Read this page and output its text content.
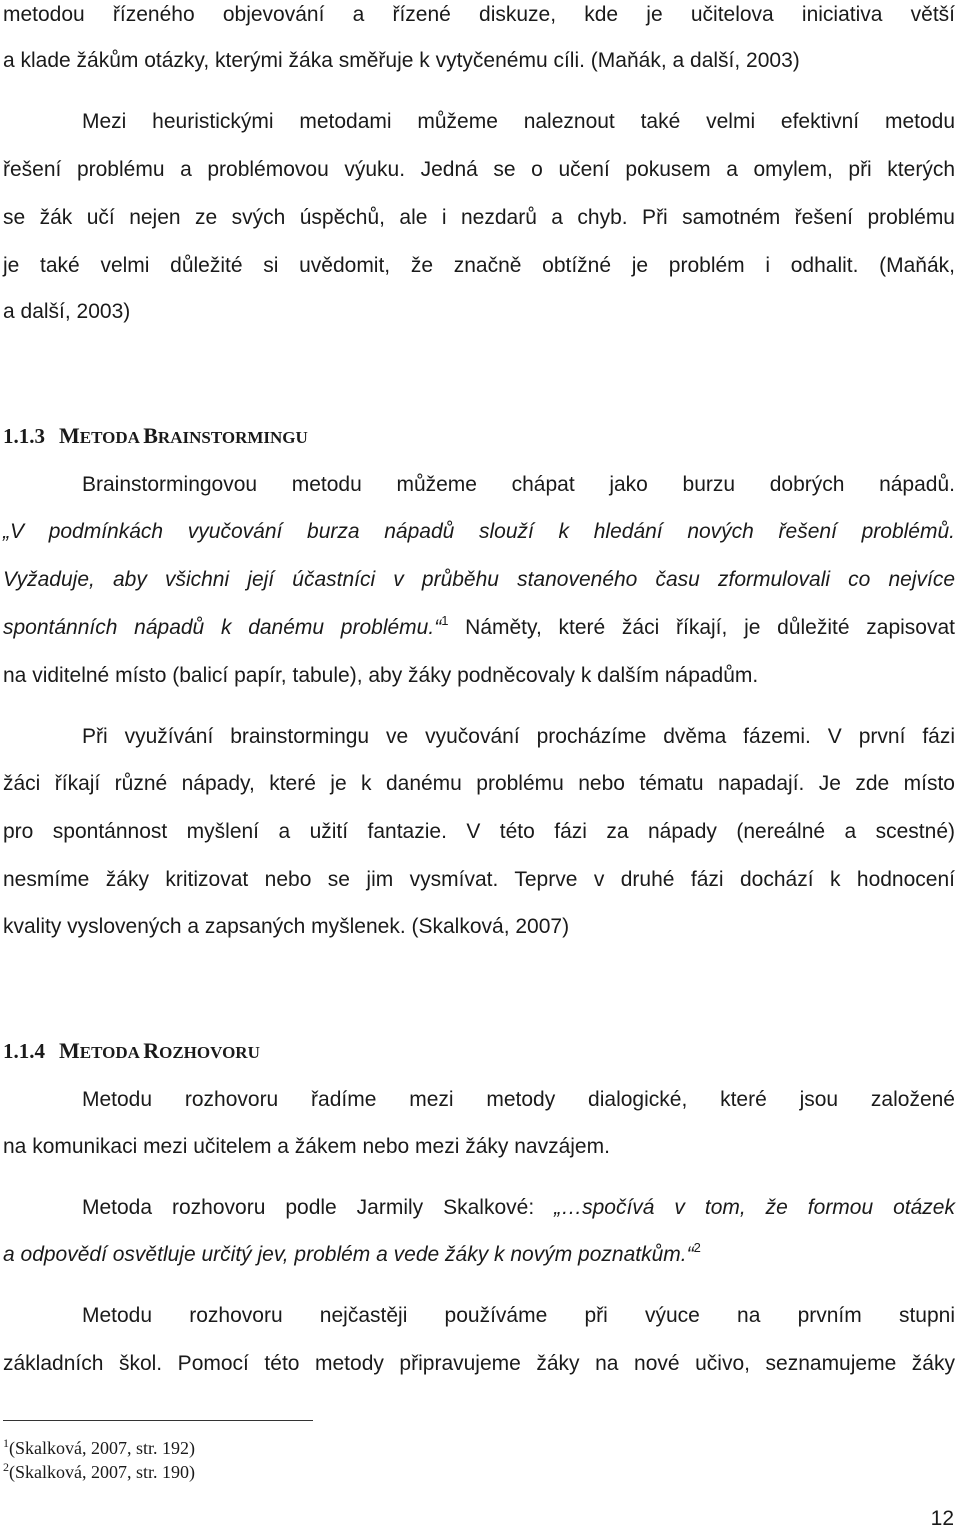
metodou řízeného objevování a řízené diskuze, kde je učitelova iniciativa větší

a klade žákům otázky, kterými žáka směřuje k vytyčenému cíli. (Maňák, a další, 2003)

Mezi heuristickými metodami můžeme naleznout také velmi efektivní metodu

řešení problému a problémovou výuku. Jedná se o učení pokusem a omylem, při kterých

se žák učí nejen ze svých úspěchů, ale i nezdarů a chyb. Při samotném řešení problému

je také velmi důležité si uvědomit, že značně obtížné je problém i odhalit. (Maňák,

a další, 2003)

1.1.3 METODA BRAINSTORMINGU

Brainstormingovou metodu můžeme chápat jako burzu dobrých nápadů.

„V podmínkách vyučování burza nápadů slouží k hledání nových řešení problémů.

Vyžaduje, aby všichni její účastníci v průběhu stanoveného času zformulovali co nejvíce

spontánních nápadů k danému problému.“$^1$ Náměty, které žáci říkají, je důležité zapisovat

na viditelné místo (balicí papír, tabule), aby žáky podněcovaly k dalším nápadům.

Při využívání brainstormingu ve vyučování procházíme dvěma fázemi. V první fázi

žáci říkají různé nápady, které je k danému problému nebo tématu napadají. Je zde místo

pro spontánnost myšlení a užití fantazie. V této fázi za nápady (nereálné a scestné)

nesmíme žáky kritizovat nebo se jim vysmívat. Teprve v druhé fázi dochází k hodnocení

kvality vyslovených a zapsaných myšlenek. (Skalková, 2007)

1.1.4 METODA ROZHOVORU

Metodu rozhovoru řadíme mezi metody dialogické, které jsou založené

na komunikaci mezi učitelem a žákem nebo mezi žáky navzájem.

Metoda rozhovoru podle Jarmily Skalkové: „…spočívá v tom, že formou otázek

a odpovědí osvětluje určitý jev, problém a vede žáky k novým poznatkům.“$^2$

Metodu rozhovoru nejčastěji používáme při výuce na prvním stupni

základních škol. Pomocí této metody připravujeme žáky na nové učivo, seznamujeme žáky

$^1$(Skalková, 2007, str. 192)
$^2$(Skalková, 2007, str. 190)
12
